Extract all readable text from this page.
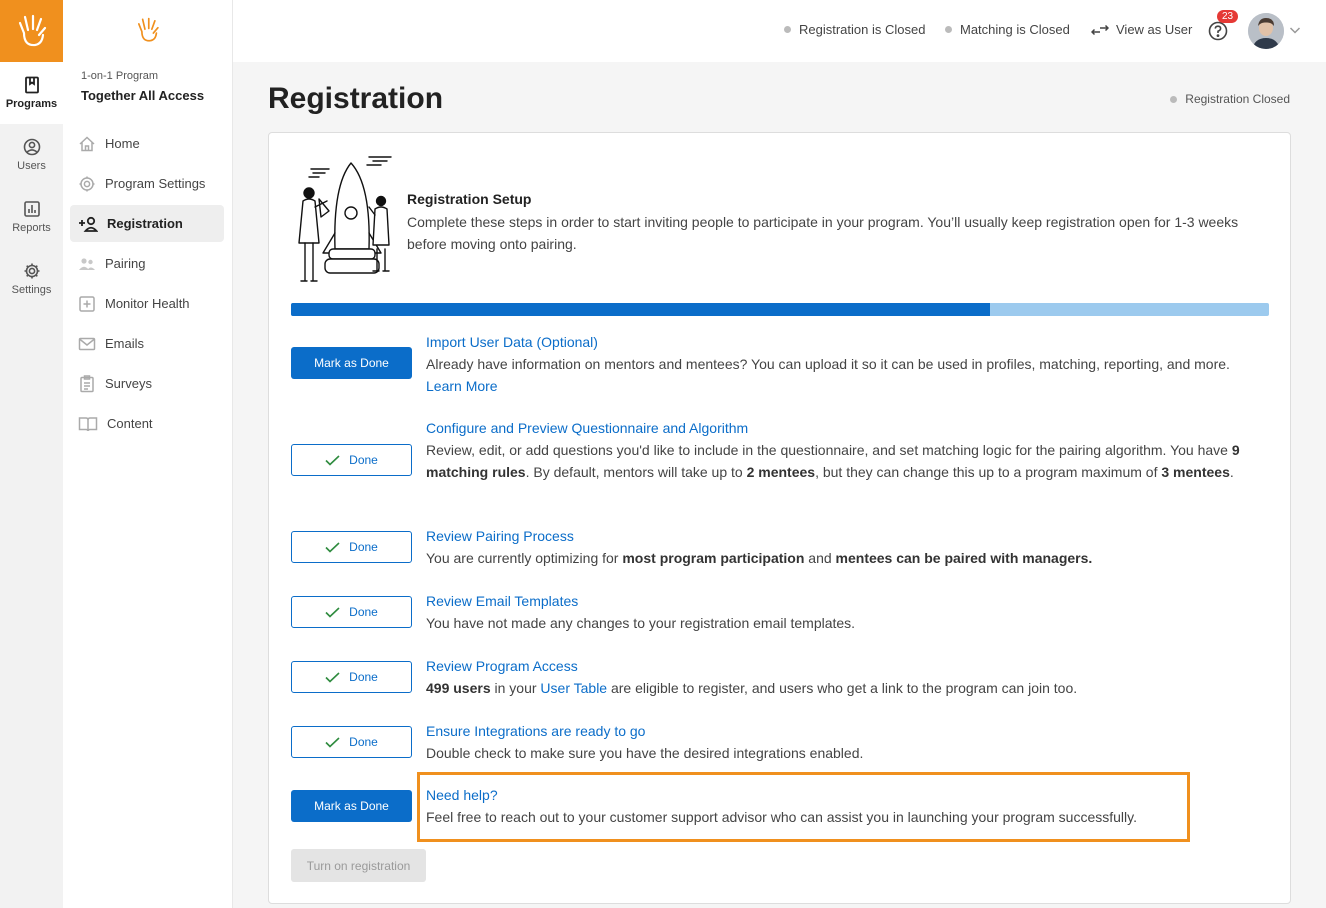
Programs
Users
Reports
Settings
1-on-1 Program
Together All Access
Home
Program Settings
Registration
Pairing
Monitor Health
Emails
Surveys
Content
Registration is Closed	Matching is Closed	View as User
23
Registration	Registration Closed
Registration Setup
Complete these steps in order to start inviting people to participate in your program. You’ll usually keep registration open for 1-3 weeks before moving onto pairing.
Mark as Done
Import User Data (Optional)
Already have information on mentors and mentees? You can upload it so it can be used in profiles, matching, reporting, and more.
Learn More
Done
Configure and Preview Questionnaire and Algorithm
Review, edit, or add questions you'd like to include in the questionnaire, and set matching logic for the pairing algorithm. You have 9 matching rules. By default, mentors will take up to 2 mentees, but they can change this up to a program maximum of 3 mentees.
Done
Review Pairing Process
You are currently optimizing for most program participation and mentees can be paired with managers.
Done
Review Email Templates
You have not made any changes to your registration email templates.
Done
Review Program Access
499 users in your User Table are eligible to register, and users who get a link to the program can join too.
Done
Ensure Integrations are ready to go
Double check to make sure you have the desired integrations enabled.
Mark as Done
Need help?
Feel free to reach out to your customer support advisor who can assist you in launching your program successfully.
Turn on registration
